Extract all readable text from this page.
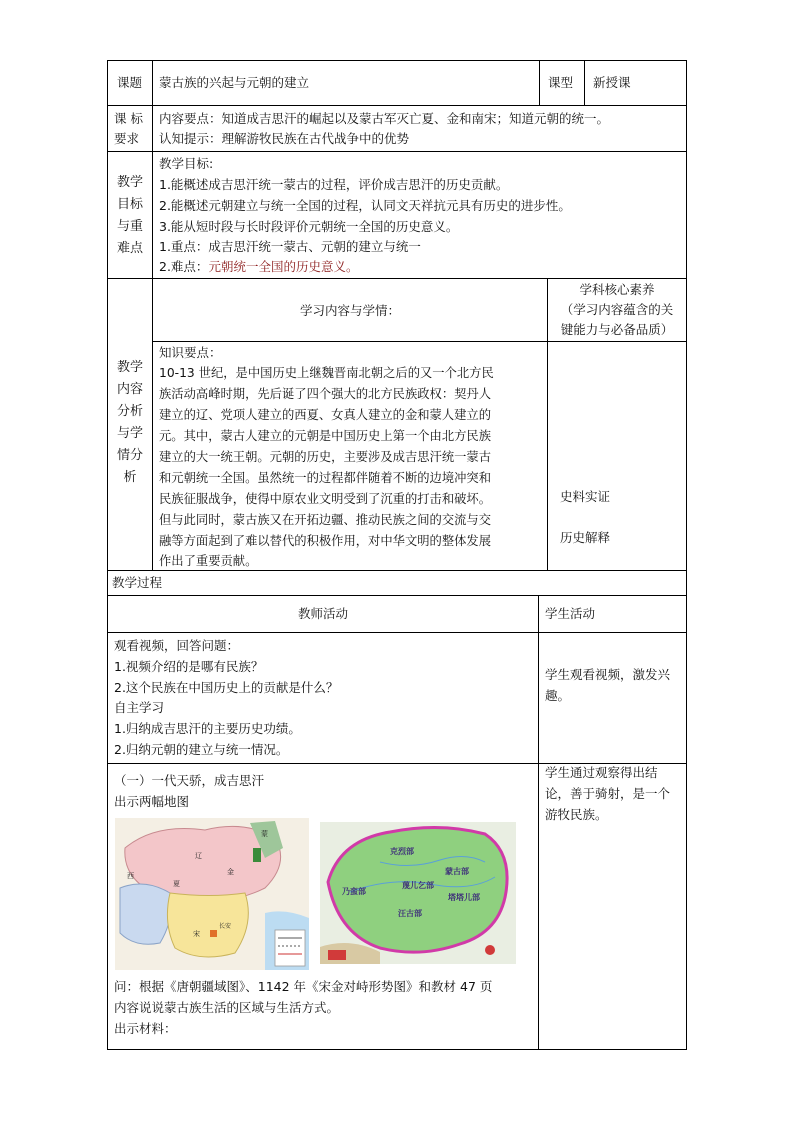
课题 蒙古族的兴起与元朝的建立	课型 新授课
课 标
要求
内容要点：知道成吉思汗的崛起以及蒙古军灭亡夏、金和南宋；知道元朝的统一。
认知提示：理解游牧民族在古代战争中的优势
教学
目标
与重
难点
教学目标:
1.能概述成吉思汗统一蒙古的过程，评价成吉思汗的历史贡献。
2.能概述元朝建立与统一全国的过程，认同文天祥抗元具有历史的进步性。
3.能从短时段与长时段评价元朝统一全国的历史意义。
1.重点：成吉思汗统一蒙古、元朝的建立与统一
2.难点：元朝统一全国的历史意义。
教学
内容
分析
与学
情分
析
学习内容与学情：
学科核心素养
（学习内容蕴含的关
键能力与必备品质）
知识要点：
10-13 世纪，是中国历史上继魏晋南北朝之后的又一个北方民
族活动高峰时期，先后诞了四个强大的北方民族政权：契丹人
建立的辽、党项人建立的西夏、女真人建立的金和蒙人建立的
元。其中，蒙古人建立的元朝是中国历史上第一个由北方民族
建立的大一统王朝。元朝的历史，主要涉及成吉思汗统一蒙古
和元朝统一全国。虽然统一的过程都伴随着不断的边境冲突和
民族征服战争，使得中原农业文明受到了沉重的打击和破坏。
但与此同时，蒙古族又在开拓边疆、推动民族之间的交流与交
融等方面起到了难以替代的积极作用，对中华文明的整体发展
作出了重要贡献。
史料实证
历史解释
教学过程
教师活动	学生活动
观看视频，回答问题：
1.视频介绍的是哪有民族？
2.这个民族在中国历史上的贡献是什么？
自主学习
1.归纳成吉思汗的主要历史功绩。
2.归纳元朝的建立与统一情况。
学生观看视频，激发兴
趣。
（一）一代天骄，成吉思汗
出示两幅地图
蒙
西
辽
金
夏
宋
长安
克烈部
蒙古部
乃蛮部
塔塔儿部
蔑儿乞部
汪古部
问：根据《唐朝疆域图》、1142 年《宋金对峙形势图》和教材 47 页
内容说说蒙古族生活的区域与生活方式。
出示材料：
学生通过观察得出结
论，善于骑射，是一个
游牧民族。
